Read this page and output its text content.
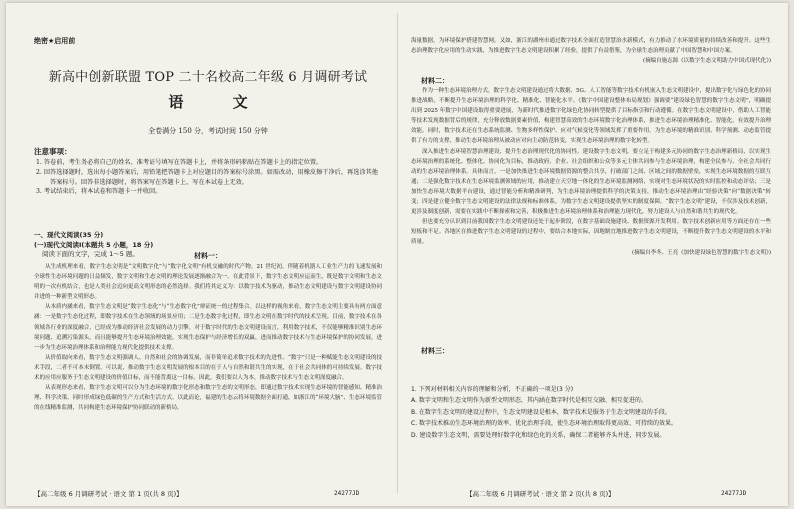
绝密★启用前
新高中创新联盟 TOP 二十名校高二年级 6 月调研考试
语 文
全卷满分 150 分，考试时间 150 分钟
注意事项：
1. 答卷前，考生务必将自己的姓名、准考证号填写在答题卡上，并将条形码粘贴在答题卡上的指定位置。
2. 回答选择题时，选出每小题答案后，用铅笔把答题卡上对应题目的答案标号涂黑。如需改动，用橡皮擦干净后，再选涂其他答案标号。回答非选择题时，将答案写在答题卡上，写在本试卷上无效。
3. 考试结束后，将本试卷和答题卡一并收回。
一、现代文阅读(35 分)
(一)现代文阅读Ⅰ(本题共 5 小题，18 分)
阅读下面的文字，完成 1～5 题。	材料一：

从生成机理来看，数字生态文明是“文明数字化”与“数字化文明”有机交融的时代产物。21 世纪初，伴随着机器人工业生产力的飞速发展和全球性生态环境问题的日益频发，数字文明和生态文明的理论发展逐渐融合为一。在此背景下，数字生态文明应运而生，既是数字文明和生态文明的一次有机结合，也是人类社会迈向更高文明形态的必然选择。我们将其定义为：以数字技术为驱动，推动生态文明建设与数字文明建设协同并进的一种新型文明形态。

从本质内涵来看，数字生态文明是“数字生态化”与“生态数字化”辩证统一的过程集合。以这样的视角来看，数字生态文明主要具有两方面意涵：一是数字生态化过程，即数字技术在生态领域的场景应用；二是生态数字化过程，即生态文明在数字时代的技术呈现。目前，数字技术在各领域各行业的深度融合，已经成为推动经济社会发展的动力引擎。对于数字时代的生态文明建设而言，利用数字技术，不仅能够精准识别生态环境问题、追溯污染源头，而且能够提升生态环境治理效能，实现生态保护与经济增长的双赢，进而推动数字技术与生态环境保护的协同发展，进一步为生态环境治理体系和治理能力现代化提供技术支撑。

从价值取向来看，数字生态文明强调人、自然和社会的协调发展，而非简单追求数字技术的先进性。“数字”只是一种赋能生态文明建设的技术手段，二者不可本末倒置。可以说，推动数字生态文明发展的根本目的在于人与自然和谐共生的实现，在于社会共同体的可持续发展。数字技术的应用应服务于生态文明建设的价值目标，而不能背离这一目标。因此，我们要以人为本，推动数字技术与生态文明深度融合。

从表现形态来看，数字生态文明可以分为生态环境的数字化形态和数字生态的文明形态，即通过数字技术实现生态环境的智能感知、精准治理、科学决策，同时形成绿色低碳的生产方式和生活方式。以此而论，福建的生态云将环境数据全面打通，如浙江的“环境大脑”、生态环境监管的在线精准监测，共同构建生态环境保护协同联动的新格局。

【高二年级 6 月调研考试 · 语文 第 1 页(共 8 页)】	24277JD

海量数据，为环境保护搭建智慧网。又如，浙江的湖州市通过数字技术全面打造智慧治水新模式，有力推动了水环境质量的持续改善和提升。这些生态治理数字化应用的生动实践，为推进数字生态文明建设积累了经验，提供了有益借鉴，为全球生态治理贡献了中国智慧和中国方案。

(摘编自施志源《以数字生态文明助力中国式现代化》)
材料二：

作为一种生态环境治理方式，数字生态文明建设通过将大数据、5G、人工智能等数字技术有机嵌入生态文明建设中，提出数字化与绿色化的协同推进战略，不断提升生态环境治理的科学化、精准化、智能化水平。《数字中国建设整体布局规划》强调要“建设绿色智慧的数字生态文明”，明确提出到 2025 年数字中国建设取得重要进展，为新时代推进数字化绿色化协同转型提供了目标指引和行动遵循。在数字生态文明建设中，借助人工智能等技术发现数据背后的规律，充分释放数据要素价值，构建智慧高效的生态环境数字化治理体系，推进生态环境治理精准化、智能化，有效提升治理效能。同时，数字技术还在生态系统监测、生物多样性保护、应对气候变化等领域发挥了重要作用，为生态环境的精准识别、科学预测、动态监管提供了有力的支撑，推动生态环境治理从被动应对向主动防范转变，实现生态环境治理的数字化转型。

深入推进生态环境智慧治理建设，提升生态治理现代化的协同性。建设数字生态文明，要立足于构建多元协同的数字生态治理新格局，以实现生态环境治理的系统化、整体化、协同化为目标，推动政府、企业、社会组织和公众等多元主体共同参与生态环境治理，构建全民参与、全社会共同行动的生态环境治理体系。具体而言，一是加快推进生态环境数据资源的整合共享，打破部门之间、区域之间的数据壁垒，实现生态环境数据的互联互通；二是强化数字技术在生态环境监测领域的应用，推动建立天空地一体化的生态环境监测网络，实现对生态环境状况的实时监控和动态评估；三是加快生态环境大数据平台建设，通过智能分析和精准研判，为生态环境治理提供科学的决策支持，推动生态环境治理由“经验决策”向“数据决策”转变；四是建立健全数字生态文明建设的法律法规和标准体系，为数字生态文明建设提供坚实的制度保障。“数字生态文明”建设，不仅涉及技术创新，更涉及制度创新，需要在实践中不断探索和完善，积极推进生态环境治理体系和治理能力现代化，努力建设人与自然和谐共生的现代化。

但也要充分认识到目前我国数字生态文明建设还处于起步阶段，在数字基础设施建设、数据资源开发利用、数字技术创新应用等方面还存在一些短板和不足。各地区在推进数字生态文明建设的过程中，要结合本地实际，因地制宜地推进数字生态文明建设，不断提升数字生态文明建设的水平和质量。

(摘编自李冬、王亮《加快建设绿色智慧的数字生态文明》)
材料三：
1. 下列对材料相关内容的理解和分析，不正确的一项是(3 分)
A. 数字文明和生态文明作为新型文明形态，其内涵在数字时代是相互交融、相互促进的。
B. 在数字生态文明的建设过程中，生态文明建设是根本，数字技术是服务于生态文明建设的手段。
C. 数字技术推动生态环境治理的效率、优化治理手段，使生态环境治理取得更高效、可持续的效果。
D. 建设数字生态文明，需要处理好数字化和绿色化的关系，确保二者能够齐头并进，同步发展。
【高二年级 6 月调研考试 · 语文 第 2 页(共 8 页)】	24277JD
